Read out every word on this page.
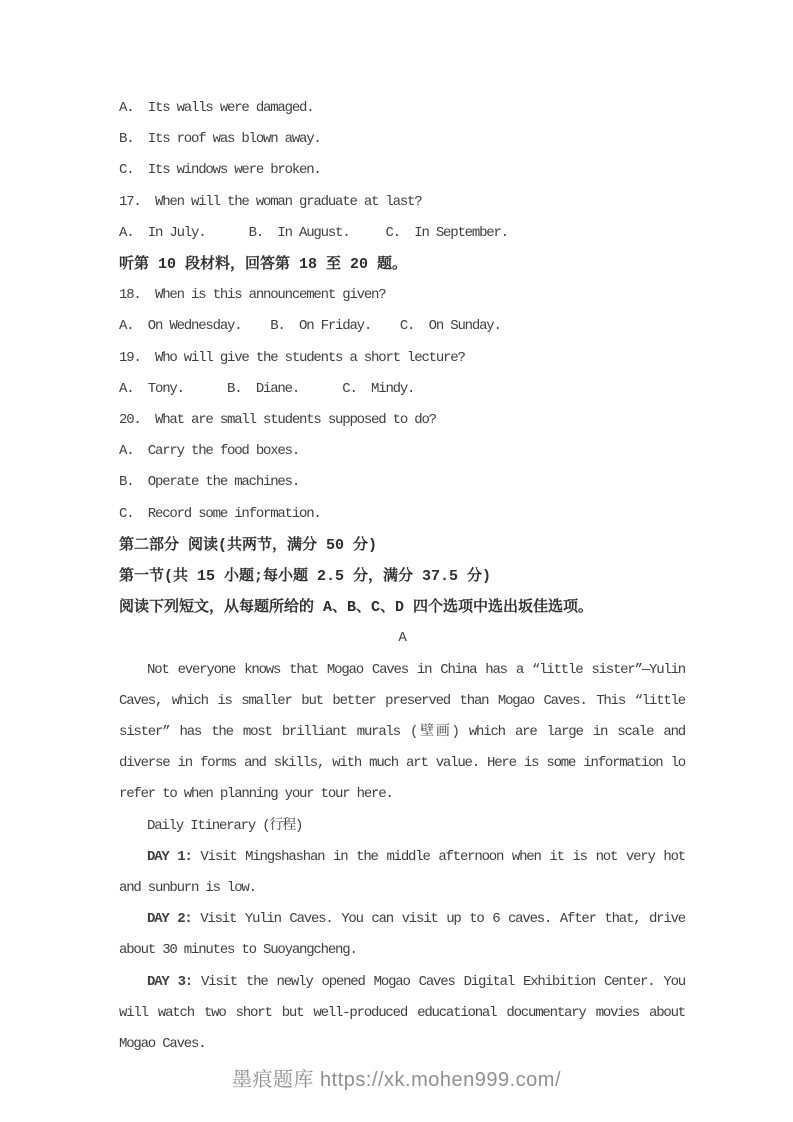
A.  Its walls were damaged.

B.  Its roof was blown away.

C.  Its windows were broken.

17.  When will the woman graduate at last?

A.  In July.      B.  In August.     C.  In September.

听第 10 段材料，回答第 18 至 20 题。

18.  When is this announcement given?

A.  On Wednesday.    B.  On Friday.    C.  On Sunday.

19.  Who will give the students a short lecture?

A.  Tony.      B.  Diane.      C.  Mindy.

20.  What are small students supposed to do?

A.  Carry the food boxes.

B.  Operate the machines.

C.  Record some information.

第二部分 阅读(共两节，满分 50 分)

第一节(共 15 小题;每小题 2.5 分，满分 37.5 分)

阅读下列短文，从每题所给的 A、B、C、D 四个选项中选出坂佳选项。

A

Not everyone knows that Mogao Caves in China has a “little sister”—Yulin Caves, which is smaller but better preserved than Mogao Caves. This “little sister” has the most brilliant murals (壁画) which are large in scale and diverse in forms and skills, with much art value. Here is some information lo refer to when planning your tour here.

Daily Itinerary (行程)

DAY 1: Visit Mingshashan in the middle afternoon when it is not very hot and sunburn is low.

DAY 2: Visit Yulin Caves. You can visit up to 6 caves. After that, drive about 30 minutes to Suoyangcheng.

DAY 3: Visit the newly opened Mogao Caves Digital Exhibition Center. You will watch two short but well-produced educational documentary movies about Mogao Caves.

墨痕题库 https://xk.mohen999.com/
